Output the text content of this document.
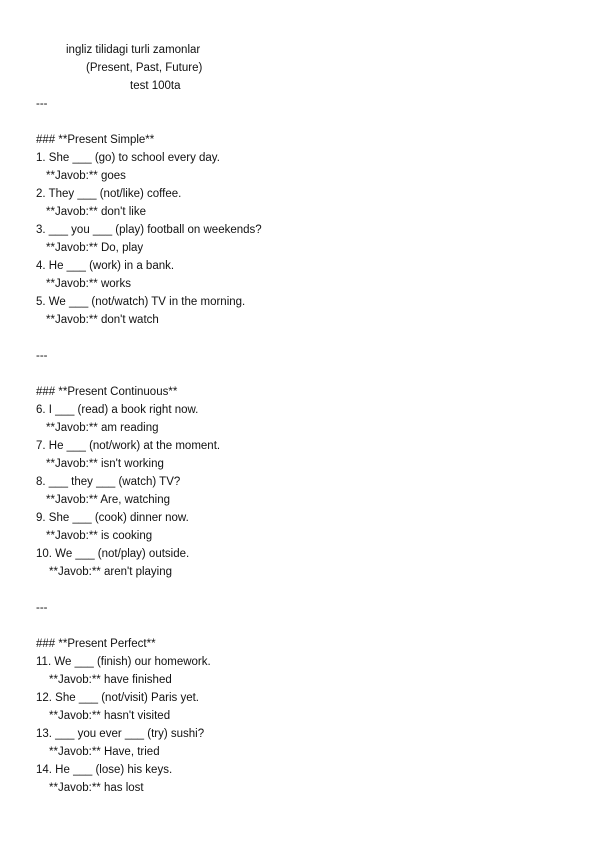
ingliz tilidagi turli zamonlar
(Present, Past, Future)
test 100ta
---
### **Present Simple**
1. She ___ (go) to school every day.
**Javob:** goes
2. They ___ (not/like) coffee.
**Javob:** don't like
3. ___ you ___ (play) football on weekends?
**Javob:** Do, play
4. He ___ (work) in a bank.
**Javob:** works
5. We ___ (not/watch) TV in the morning.
**Javob:** don't watch
---
### **Present Continuous**
6. I ___ (read) a book right now.
**Javob:** am reading
7. He ___ (not/work) at the moment.
**Javob:** isn't working
8. ___ they ___ (watch) TV?
**Javob:** Are, watching
9. She ___ (cook) dinner now.
**Javob:** is cooking
10. We ___ (not/play) outside.
**Javob:** aren't playing
---
### **Present Perfect**
11. We ___ (finish) our homework.
**Javob:** have finished
12. She ___ (not/visit) Paris yet.
**Javob:** hasn't visited
13. ___ you ever ___ (try) sushi?
**Javob:** Have, tried
14. He ___ (lose) his keys.
**Javob:** has lost
